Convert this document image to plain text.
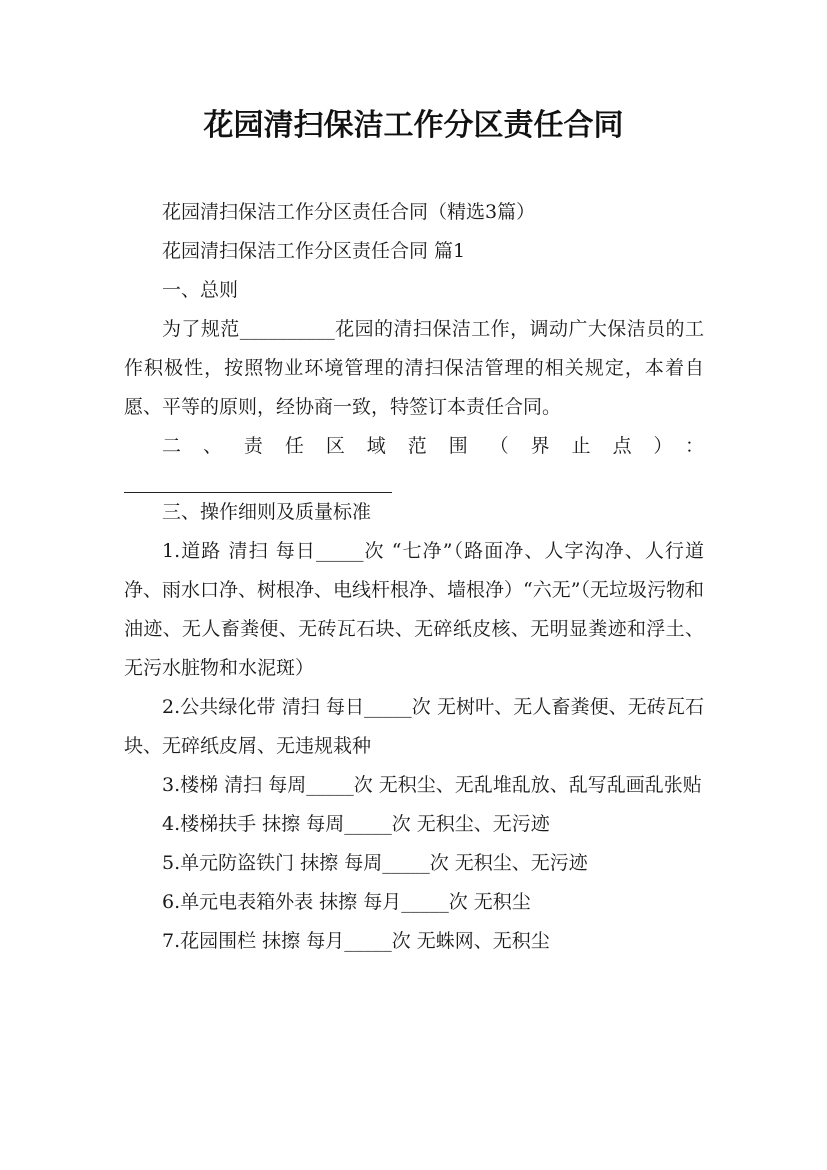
花园清扫保洁工作分区责任合同

花园清扫保洁工作分区责任合同（精选3篇）

花园清扫保洁工作分区责任合同 篇1

一、总则

为了规范__________花园的清扫保洁工作，调动广大保洁员的工作积极性，按照物业环境管理的清扫保洁管理的相关规定，本着自愿、平等的原则，经协商一致，特签订本责任合同。

二、责任区域范围（界止点）：

三、操作细则及质量标准

1.道路 清扫 每日_____次 “七净”（路面净、人字沟净、人行道净、雨水口净、树根净、电线杆根净、墙根净）“六无”（无垃圾污物和油迹、无人畜粪便、无砖瓦石块、无碎纸皮核、无明显粪迹和浮土、无污水脏物和水泥斑）

2.公共绿化带 清扫 每日_____次 无树叶、无人畜粪便、无砖瓦石块、无碎纸皮屑、无违规栽种

3.楼梯 清扫 每周_____次 无积尘、无乱堆乱放、乱写乱画乱张贴

4.楼梯扶手 抹擦 每周_____次 无积尘、无污迹

5.单元防盗铁门 抹擦 每周_____次 无积尘、无污迹

6.单元电表箱外表 抹擦 每月_____次 无积尘

7.花园围栏 抹擦 每月_____次 无蛛网、无积尘
